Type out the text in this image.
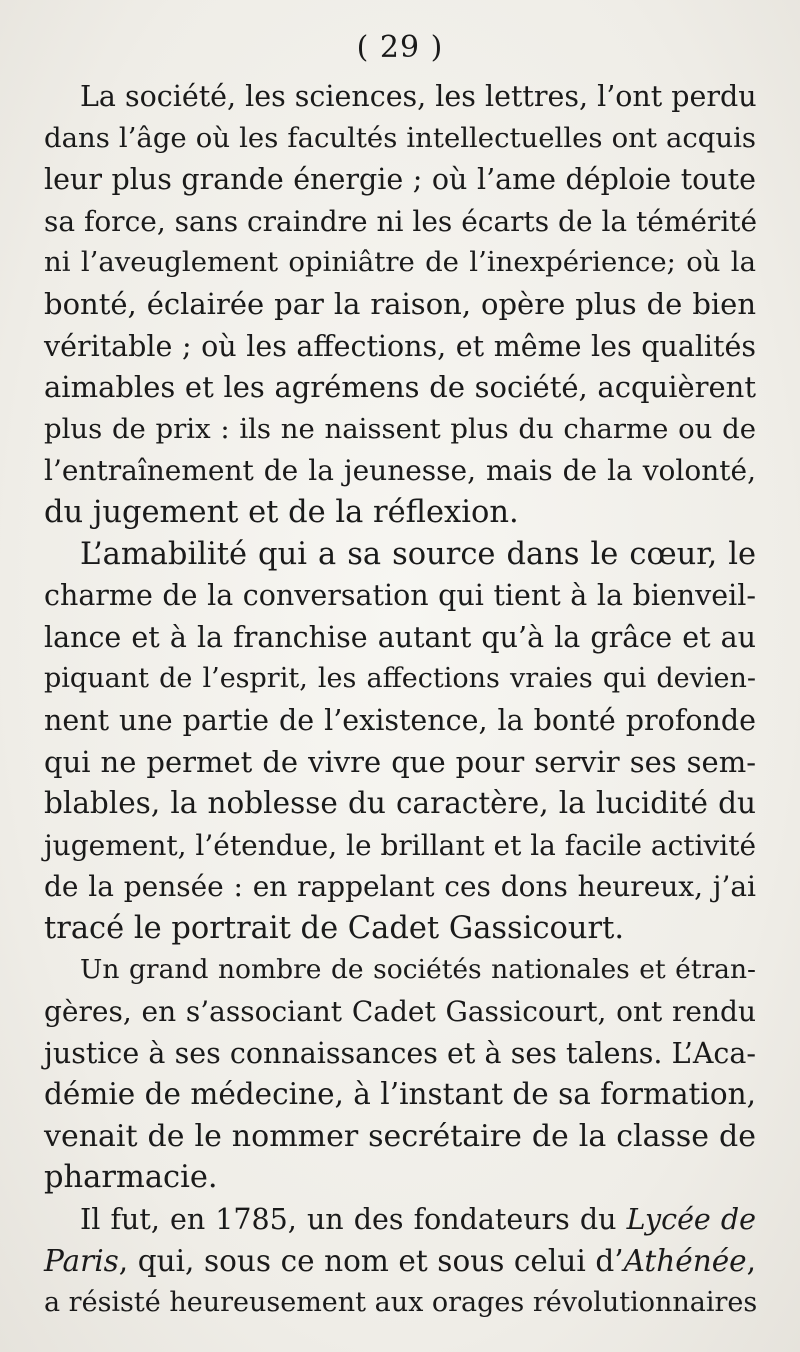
( 29 )
La société, les sciences, les lettres, l’ont perdu
dans l’âge où les facultés intellectuelles ont acquis
leur plus grande énergie ; où l’ame déploie toute
sa force, sans craindre ni les écarts de la témérité
ni l’aveuglement opiniâtre de l’inexpérience; où la
bonté, éclairée par la raison, opère plus de bien
véritable ; où les affections, et même les qualités
aimables et les agrémens de société, acquièrent
plus de prix : ils ne naissent plus du charme ou de
l’entraînement de la jeunesse, mais de la volonté,
du jugement et de la réflexion.
L’amabilité qui a sa source dans le cœur, le
charme de la conversation qui tient à la bienveil-
lance et à la franchise autant qu’à la grâce et au
piquant de l’esprit, les affections vraies qui devien-
nent une partie de l’existence, la bonté profonde
qui ne permet de vivre que pour servir ses sem-
blables, la noblesse du caractère, la lucidité du
jugement, l’étendue, le brillant et la facile activité
de la pensée : en rappelant ces dons heureux, j’ai
tracé le portrait de Cadet Gassicourt.
Un grand nombre de sociétés nationales et étran-
gères, en s’associant Cadet Gassicourt, ont rendu
justice à ses connaissances et à ses talens. L’Aca-
démie de médecine, à l’instant de sa formation,
venait de le nommer secrétaire de la classe de
pharmacie.
Il fut, en 1785, un des fondateurs du Lycée de
Paris, qui, sous ce nom et sous celui d’Athénée,
a résisté heureusement aux orages révolutionnaires
